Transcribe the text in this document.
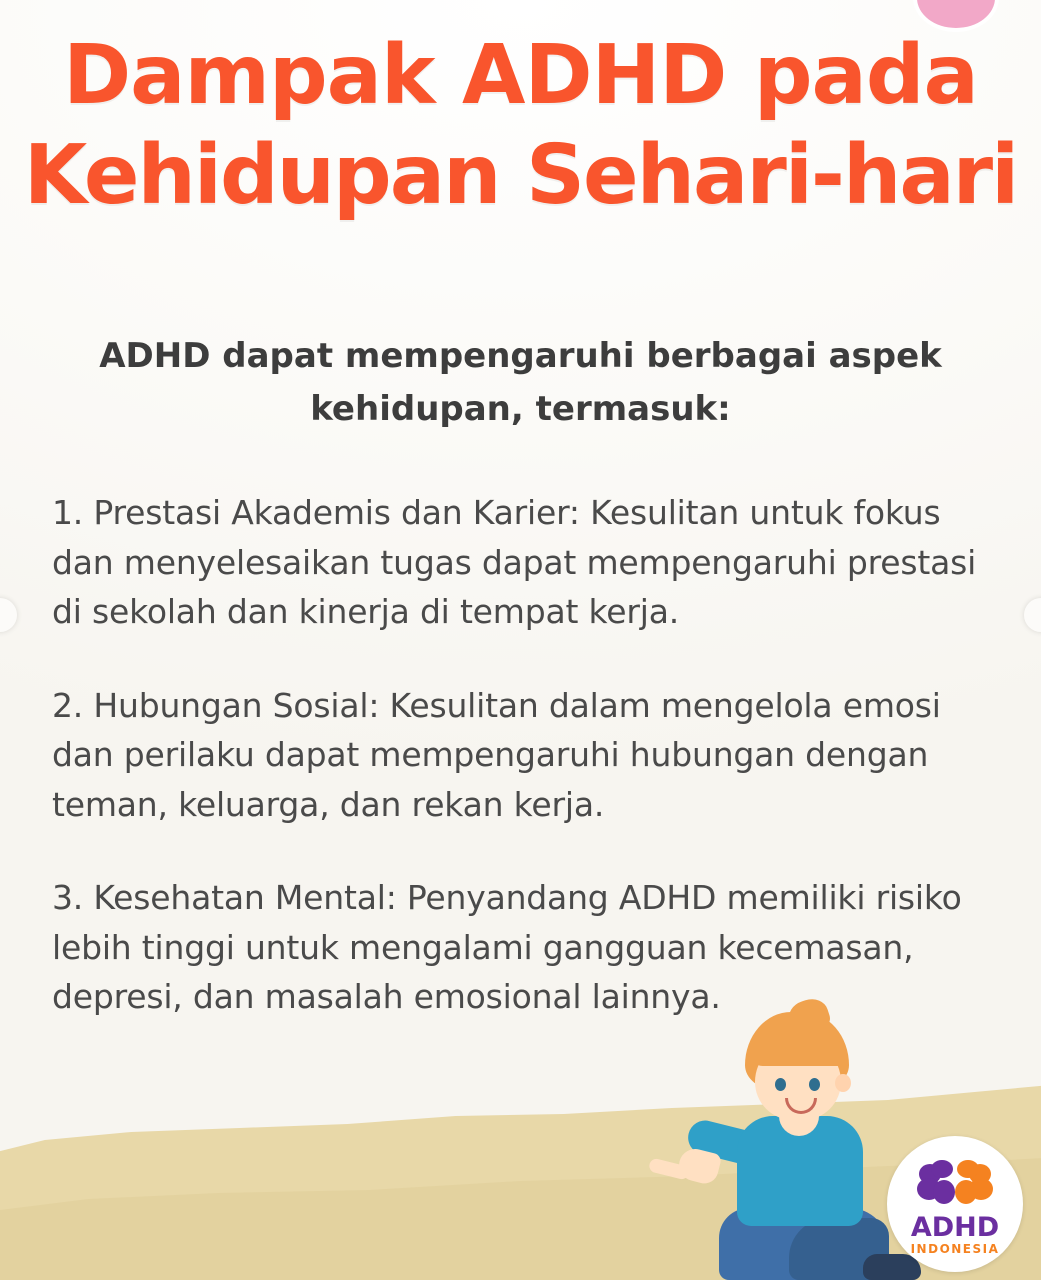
Dampak ADHD pada
Kehidupan Sehari-hari
ADHD dapat mempengaruhi berbagai aspek kehidupan, termasuk:

1. Prestasi Akademis dan Karier: Kesulitan untuk fokus dan menyelesaikan tugas dapat mempengaruhi prestasi di sekolah dan kinerja di tempat kerja.

2. Hubungan Sosial: Kesulitan dalam mengelola emosi dan perilaku dapat mempengaruhi hubungan dengan teman, keluarga, dan rekan kerja.

3. Kesehatan Mental: Penyandang ADHD memiliki risiko lebih tinggi untuk mengalami gangguan kecemasan, depresi, dan masalah emosional lainnya.

ADHD
INDONESIA
